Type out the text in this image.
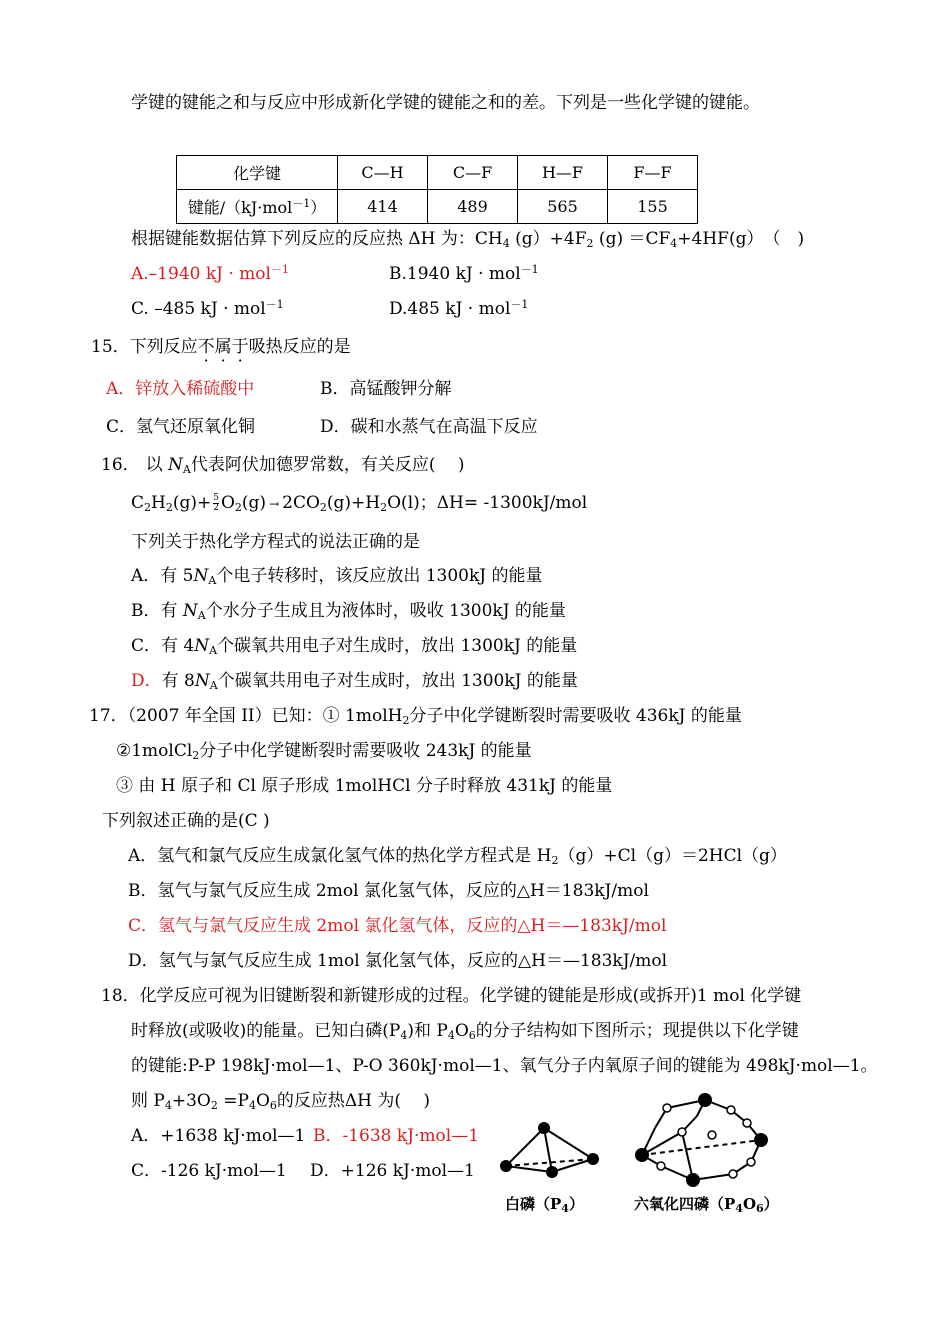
学键的键能之和与反应中形成新化学键的键能之和的差。下列是一些化学键的键能。
化学键	C—H	C—F	H—F	F—F
键能/（kJ·mol$^{-1}$）	414	489	565	155
根据键能数据估算下列反应的反应热 ΔH 为：$CH_4$ $(g)+4F_2$ $(g) =CF_4+4HF(g)$　（　)
A.–1940 kJ · mol$^{-1}$	B.1940 kJ · mol$^{-1}$
C. –485 kJ · mol$^{-1}$	D.485 kJ · mol$^{-1}$
15．下列反应不属于吸热反应的是
A．锌放入稀硫酸中	B．高锰酸钾分解
C．氢气还原氧化铜	D．碳和水蒸气在高温下反应
16． 以 $N_A$代表阿伏加德罗常数，有关反应(　 )
$C_2H_2(g)+ \frac{5}{2} O_2(g) \to 2CO_2(g)+H_2O(l)$；ΔH= -1300kJ/mol
下列关于热化学方程式的说法正确的是
A．有 $5N_A$个电子转移时，该反应放出 1300kJ 的能量
B．有 $N_A$个水分子生成且为液体时，吸收 1300kJ 的能量
C．有 $4N_A$个碳氧共用电子对生成时，放出 1300kJ 的能量
D．有 $8N_A$个碳氧共用电子对生成时，放出 1300kJ 的能量
17．（2007 年全国 II）已知：① 1molH$_2$分子中化学键断裂时需要吸收 436kJ 的能量
②1molCl$_2$分子中化学键断裂时需要吸收 243kJ 的能量
③ 由 H 原子和 Cl 原子形成 1molHCl 分子时释放 431kJ 的能量
下列叙述正确的是(C )
A．氢气和氯气反应生成氯化氢气体的热化学方程式是 $H_2(g)+Cl(g)=2HCl(g)$
B．氢气与氯气反应生成 2mol 氯化氢气体，反应的△H＝183kJ/mol
C．氢气与氯气反应生成 2mol 氯化氢气体，反应的△H＝—183kJ/mol
D．氢气与氯气反应生成 1mol 氯化氢气体，反应的△H＝—183kJ/mol
18．化学反应可视为旧键断裂和新键形成的过程。化学键的键能是形成(或拆开)1 mol 化学键
时释放(或吸收)的能量。已知白磷$(P_4)$和 $P_4O_6$的分子结构如下图所示；现提供以下化学键
的键能:P-P 198kJ·mol—1、P-O 360kJ·mol—1、氧气分子内氧原子间的键能为 498kJ·mol—1。
则 $P_4+3O_2 =P_4O_6$的反应热ΔH 为(　 )
A．+1638 kJ·mol—1 B．-1638 kJ·mol—1
C．-126 kJ·mol—1 D．+126 kJ·mol—1
白磷$(P_4)$	六氧化四磷$(P_4O_6)$
